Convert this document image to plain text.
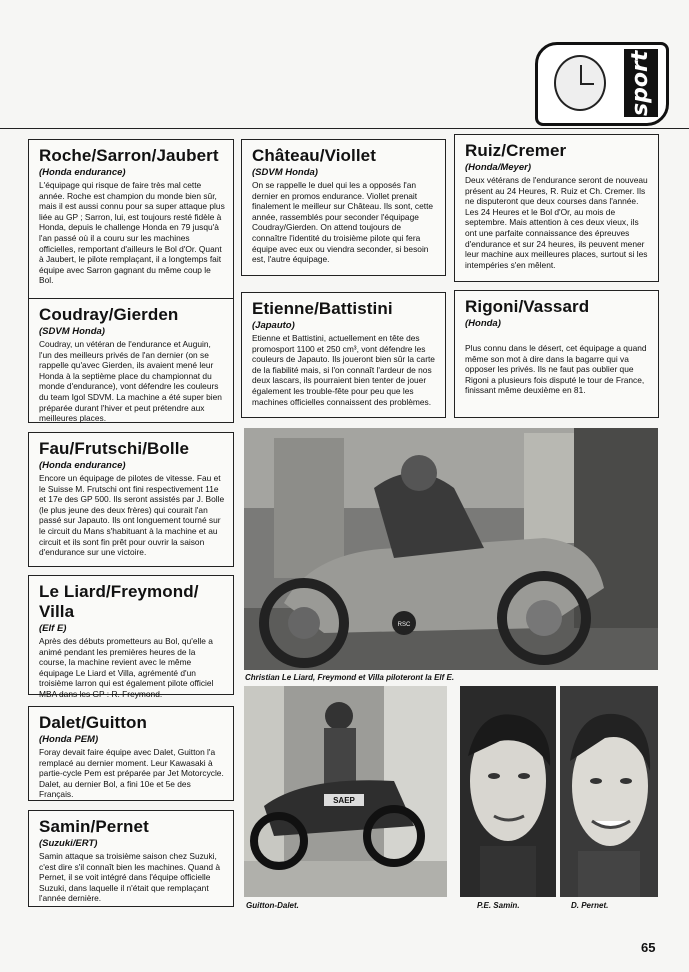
sport
Roche/Sarron/Jaubert
(Honda endurance)

L'équipage qui risque de faire très mal cette année. Roche est champion du monde bien sûr, mais il est aussi connu pour sa super attaque plus liée au GP ; Sarron, lui, est toujours resté fidèle à Honda, depuis le challenge Honda en 79 jusqu'à l'an passé où il a couru sur les machines officielles, remportant d'ailleurs le Bol d'Or. Quant à Jaubert, le pilote remplaçant, il a longtemps fait équipe avec Sarron gagnant du même coup le Bol.

Château/Viollet
(SDVM Honda)

On se rappelle le duel qui les a opposés l'an dernier en promos endurance. Viollet prenait finalement le meilleur sur Château. Ils sont, cette année, rassemblés pour seconder l'équipage Coudray/Gierden. On attend toujours de connaître l'identité du troisième pilote qui fera équipe avec eux ou viendra seconder, si besoin est, l'autre équipage.

Ruiz/Cremer
(Honda/Meyer)

Deux vétérans de l'endurance seront de nouveau présent au 24 Heures, R. Ruiz et Ch. Cremer. Ils ne disputeront que deux courses dans l'année. Les 24 Heures et le Bol d'Or, au mois de septembre. Mais attention à ces deux vieux, ils ont une parfaite connaissance des épreuves d'endurance et sur 24 heures, ils peuvent mener leur machine aux meilleures places, surtout si les intempéries s'en mêlent.

Coudray/Gierden
(SDVM Honda)

Coudray, un vétéran de l'endurance et Auguin, l'un des meilleurs privés de l'an dernier (on se rappelle qu'avec Gierden, ils avaient mené leur Honda à la septième place du championnat du monde d'endurance), vont défendre les couleurs du team Igol SDVM. La machine a été super bien préparée durant l'hiver et peut prétendre aux meilleures places.

Etienne/Battistini
(Japauto)

Etienne et Battistini, actuellement en tête des promosport 1100 et 250 cm³, vont défendre les couleurs de Japauto. Ils joueront bien sûr la carte de la fiabilité mais, si l'on connaît l'ardeur de nos deux lascars, ils pourraient bien tenter de jouer également les trouble-fête pour peu que les machines officielles connaissent des problèmes.

Rigoni/Vassard
(Honda)

Plus connu dans le désert, cet équipage a quand même son mot à dire dans la bagarre qui va opposer les privés. Ils ne faut pas oublier que Rigoni a plusieurs fois disputé le tour de France, finissant même deuxième en 81.

Fau/Frutschi/Bolle
(Honda endurance)

Encore un équipage de pilotes de vitesse. Fau et le Suisse M. Frutschi ont fini respectivement 11e et 17e des GP 500. Ils seront assistés par J. Bolle (le plus jeune des deux frères) qui courait l'an passé sur Japauto. Ils ont longuement tourné sur le circuit du Mans s'habituant à la machine et au circuit et ils sont fin prêt pour ouvrir la saison d'endurance sur une victoire.

Le Liard/Freymond/ Villa
(Elf E)

Après des débuts prometteurs au Bol, qu'elle a animé pendant les premières heures de la course, la machine revient avec le même équipage Le Liard et Villa, agrémenté d'un troisième larron qui est également pilote officiel MBA dans les GP : R. Freymond.

Dalet/Guitton
(Honda PEM)

Foray devait faire équipe avec Dalet, Guitton l'a remplacé au dernier moment. Leur Kawasaki à partie-cycle Pem est préparée par Jet Motorcycle. Dalet, au dernier Bol, a fini 10e et 5e des Français.

Samin/Pernet
(Suzuki/ERT)

Samin attaque sa troisième saison chez Suzuki, c'est dire s'il connaît bien les machines. Quand à Pernet, il se voit intégré dans l'équipe officielle Suzuki, dans laquelle il n'était que remplaçant l'année dernière.

RSC
Christian Le Liard, Freymond et Villa piloteront la Elf E.
SAEP
Guitton-Dalet.	P.E. Samin.	D. Pernet.
65
